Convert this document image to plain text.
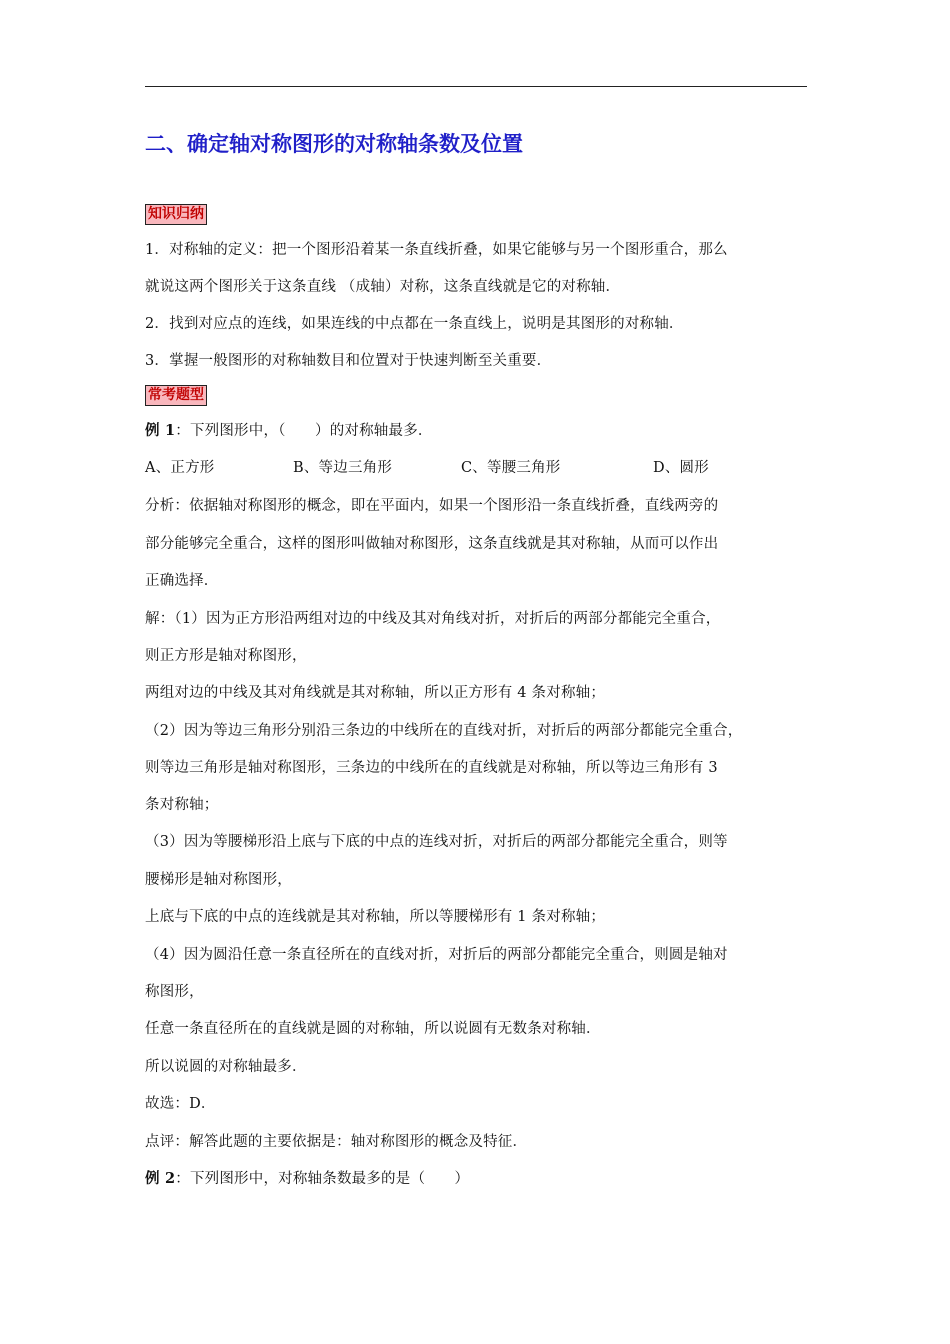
二、确定轴对称图形的对称轴条数及位置
知识归纳
1．对称轴的定义：把一个图形沿着某一条直线折叠，如果它能够与另一个图形重合，那么
就说这两个图形关于这条直线 （成轴）对称，这条直线就是它的对称轴．
2．找到对应点的连线，如果连线的中点都在一条直线上，说明是其图形的对称轴．
3．掌握一般图形的对称轴数目和位置对于快速判断至关重要．
常考题型
例 1：下列图形中，（　　）的对称轴最多．
A、正方形	B、等边三角形	C、等腰三角形	D、圆形
分析：依据轴对称图形的概念，即在平面内，如果一个图形沿一条直线折叠，直线两旁的
部分能够完全重合，这样的图形叫做轴对称图形，这条直线就是其对称轴，从而可以作出
正确选择．
解：（1）因为正方形沿两组对边的中线及其对角线对折，对折后的两部分都能完全重合，
则正方形是轴对称图形，
两组对边的中线及其对角线就是其对称轴，所以正方形有 4 条对称轴；
（2）因为等边三角形分别沿三条边的中线所在的直线对折，对折后的两部分都能完全重合，
则等边三角形是轴对称图形，三条边的中线所在的直线就是对称轴，所以等边三角形有 3
条对称轴；
（3）因为等腰梯形沿上底与下底的中点的连线对折，对折后的两部分都能完全重合，则等
腰梯形是轴对称图形，
上底与下底的中点的连线就是其对称轴，所以等腰梯形有 1 条对称轴；
（4）因为圆沿任意一条直径所在的直线对折，对折后的两部分都能完全重合，则圆是轴对
称图形，
任意一条直径所在的直线就是圆的对称轴，所以说圆有无数条对称轴．
所以说圆的对称轴最多．
故选：D．
点评：解答此题的主要依据是：轴对称图形的概念及特征．
例 2：下列图形中，对称轴条数最多的是（　　）
